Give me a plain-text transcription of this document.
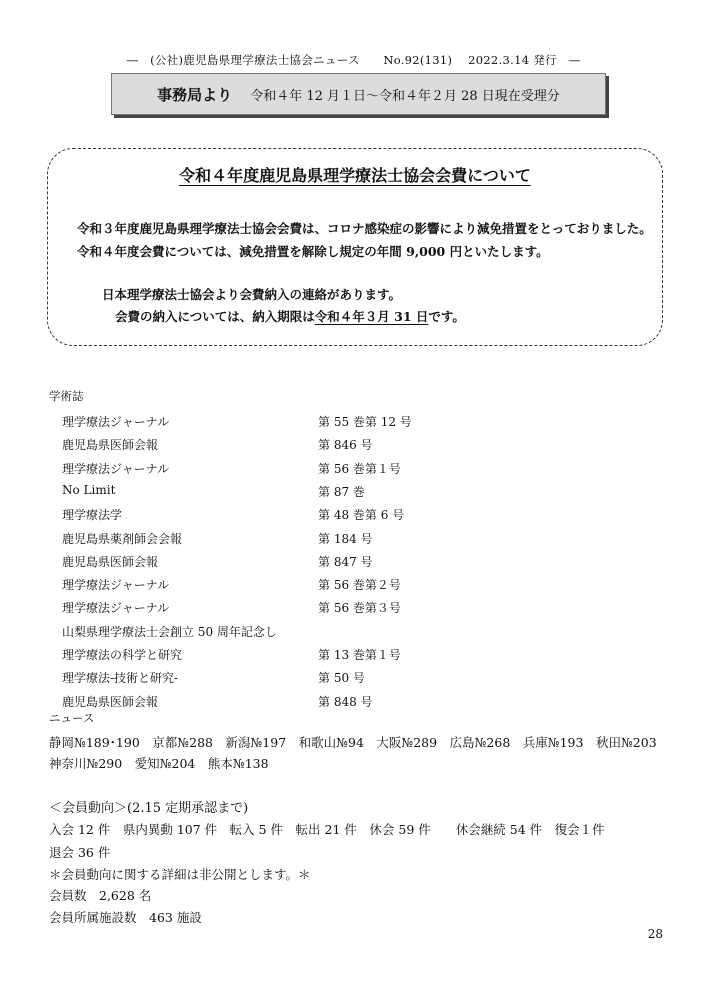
―　(公社)鹿児島県理学療法士協会ニュース　　No.92(131)　 2022.3.14 発行　―
事務局より 令和４年 12 月１日～令和４年２月 28 日現在受理分
令和４年度鹿児島県理学療法士協会会費について
令和３年度鹿児島県理学療法士協会会費は、コロナ感染症の影響により減免措置をとっておりました。
令和４年度会費については、減免措置を解除し規定の年間 9,000 円といたします。
日本理学療法士協会より会費納入の連絡があります。
会費の納入については、納入期限は令和４年３月 31 日です。
学術誌
理学療法ジャーナル	第 55 巻第 12 号
鹿児島県医師会報	第 846 号
理学療法ジャーナル	第 56 巻第１号
No Limit	第 87 巻
理学療法学	第 48 巻第 6 号
鹿児島県薬剤師会会報	第 184 号
鹿児島県医師会報	第 847 号
理学療法ジャーナル	第 56 巻第２号
理学療法ジャーナル	第 56 巻第３号
山梨県理学療法士会創立 50 周年記念し
理学療法の科学と研究	第 13 巻第１号
理学療法-技術と研究-	第 50 号
鹿児島県医師会報	第 848 号
ニュース
静岡№189･190　京都№288　新潟№197　和歌山№94　大阪№289　広島№268　兵庫№193　秋田№203
神奈川№290　愛知№204　熊本№138
＜会員動向＞(2.15 定期承認まで)
入会 12 件　県内異動 107 件　転入 5 件　転出 21 件　休会 59 件　　休会継続 54 件　復会１件
退会 36 件
＊会員動向に関する詳細は非公開とします。＊
会員数　2,628 名
会員所属施設数　463 施設
28
